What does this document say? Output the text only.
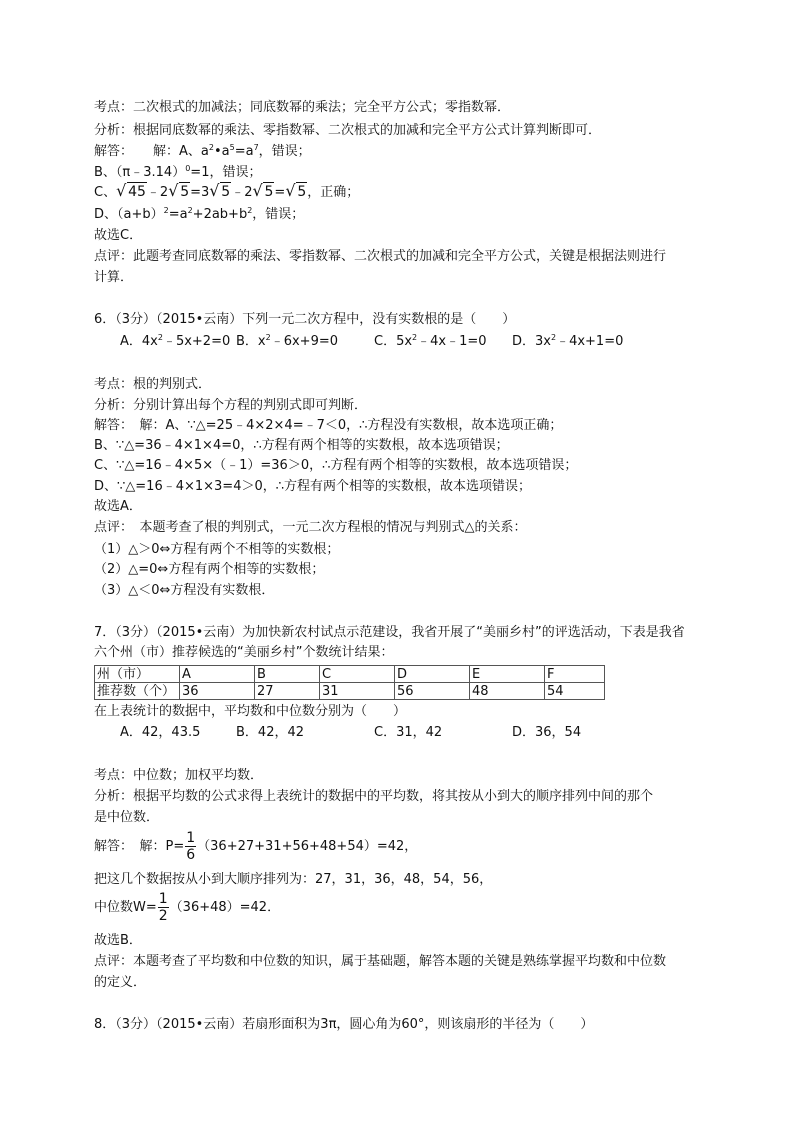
考点：二次根式的加减法；同底数幂的乘法；完全平方公式；零指数幂．
分析：根据同底数幂的乘法、零指数幂、二次根式的加减和完全平方公式计算判断即可．
解答： 解：A、$a^2•a^5=a^7$，错误；
B、（π﹣3.14）$^0$=1，错误；
C、 √ 45﹣2 √ 5=3 √ 5﹣2 √ 5= √ 5，正确；
D、$(a+b)^2=a^2+2ab+b^2$，错误；
故选C．
点评：此题考查同底数幂的乘法、零指数幂、二次根式的加减和完全平方公式，关键是根据法则进行
计算．
6．（3分）（2015•云南）下列一元二次方程中，没有实数根的是（　　）
A．$4x^2﹣5x+2=0$ B．$x^2﹣6x+9=0$	C．$5x^2﹣4x﹣1=0$ D．$3x^2﹣4x+1=0$
考点：根的判别式．
分析：分别计算出每个方程的判别式即可判断．
解答：　解：A、∵△=25﹣4×2×4=﹣7＜0，∴方程没有实数根，故本选项正确；
B、∵△=36﹣4×1×4=0，∴方程有两个相等的实数根，故本选项错误；
C、∵△=16﹣4×5×（﹣1）=36＞0，∴方程有两个相等的实数根，故本选项错误；
D、∵△=16﹣4×1×3=4＞0，∴方程有两个相等的实数根，故本选项错误；
故选A．
点评：　本题考查了根的判别式，一元二次方程根的情况与判别式△的关系：
（1）△＞0⇔方程有两个不相等的实数根；
（2）△=0⇔方程有两个相等的实数根；
（3）△＜0⇔方程没有实数根．
7．（3分）（2015•云南）为加快新农村试点示范建设，我省开展了“美丽乡村”的评选活动，下表是我省
六个州（市）推荐候选的“美丽乡村”个数统计结果：
州（市）	A	B	C	D	E	F
推荐数（个）	36	27	31	56	48	54
在上表统计的数据中，平均数和中位数分别为（　　）
A．42，43.5	B．42，42	C．31，42	D．36，54
考点：中位数；加权平均数．
分析：根据平均数的公式求得上表统计的数据中的平均数，将其按从小到大的顺序排列中间的那个
是中位数．
解答：　解：$P= \frac{1}{6} (36+27+31+56+48+54)=42$，
把这几个数据按从小到大顺序排列为：27，31，36，48，54，56，
中位数$W= \frac{1}{2} (36+48)=42$．
故选B．
点评：本题考查了平均数和中位数的知识，属于基础题，解答本题的关键是熟练掌握平均数和中位数
的定义．
8．（3分）（2015•云南）若扇形面积为3π，圆心角为60°，则该扇形的半径为（　　）
